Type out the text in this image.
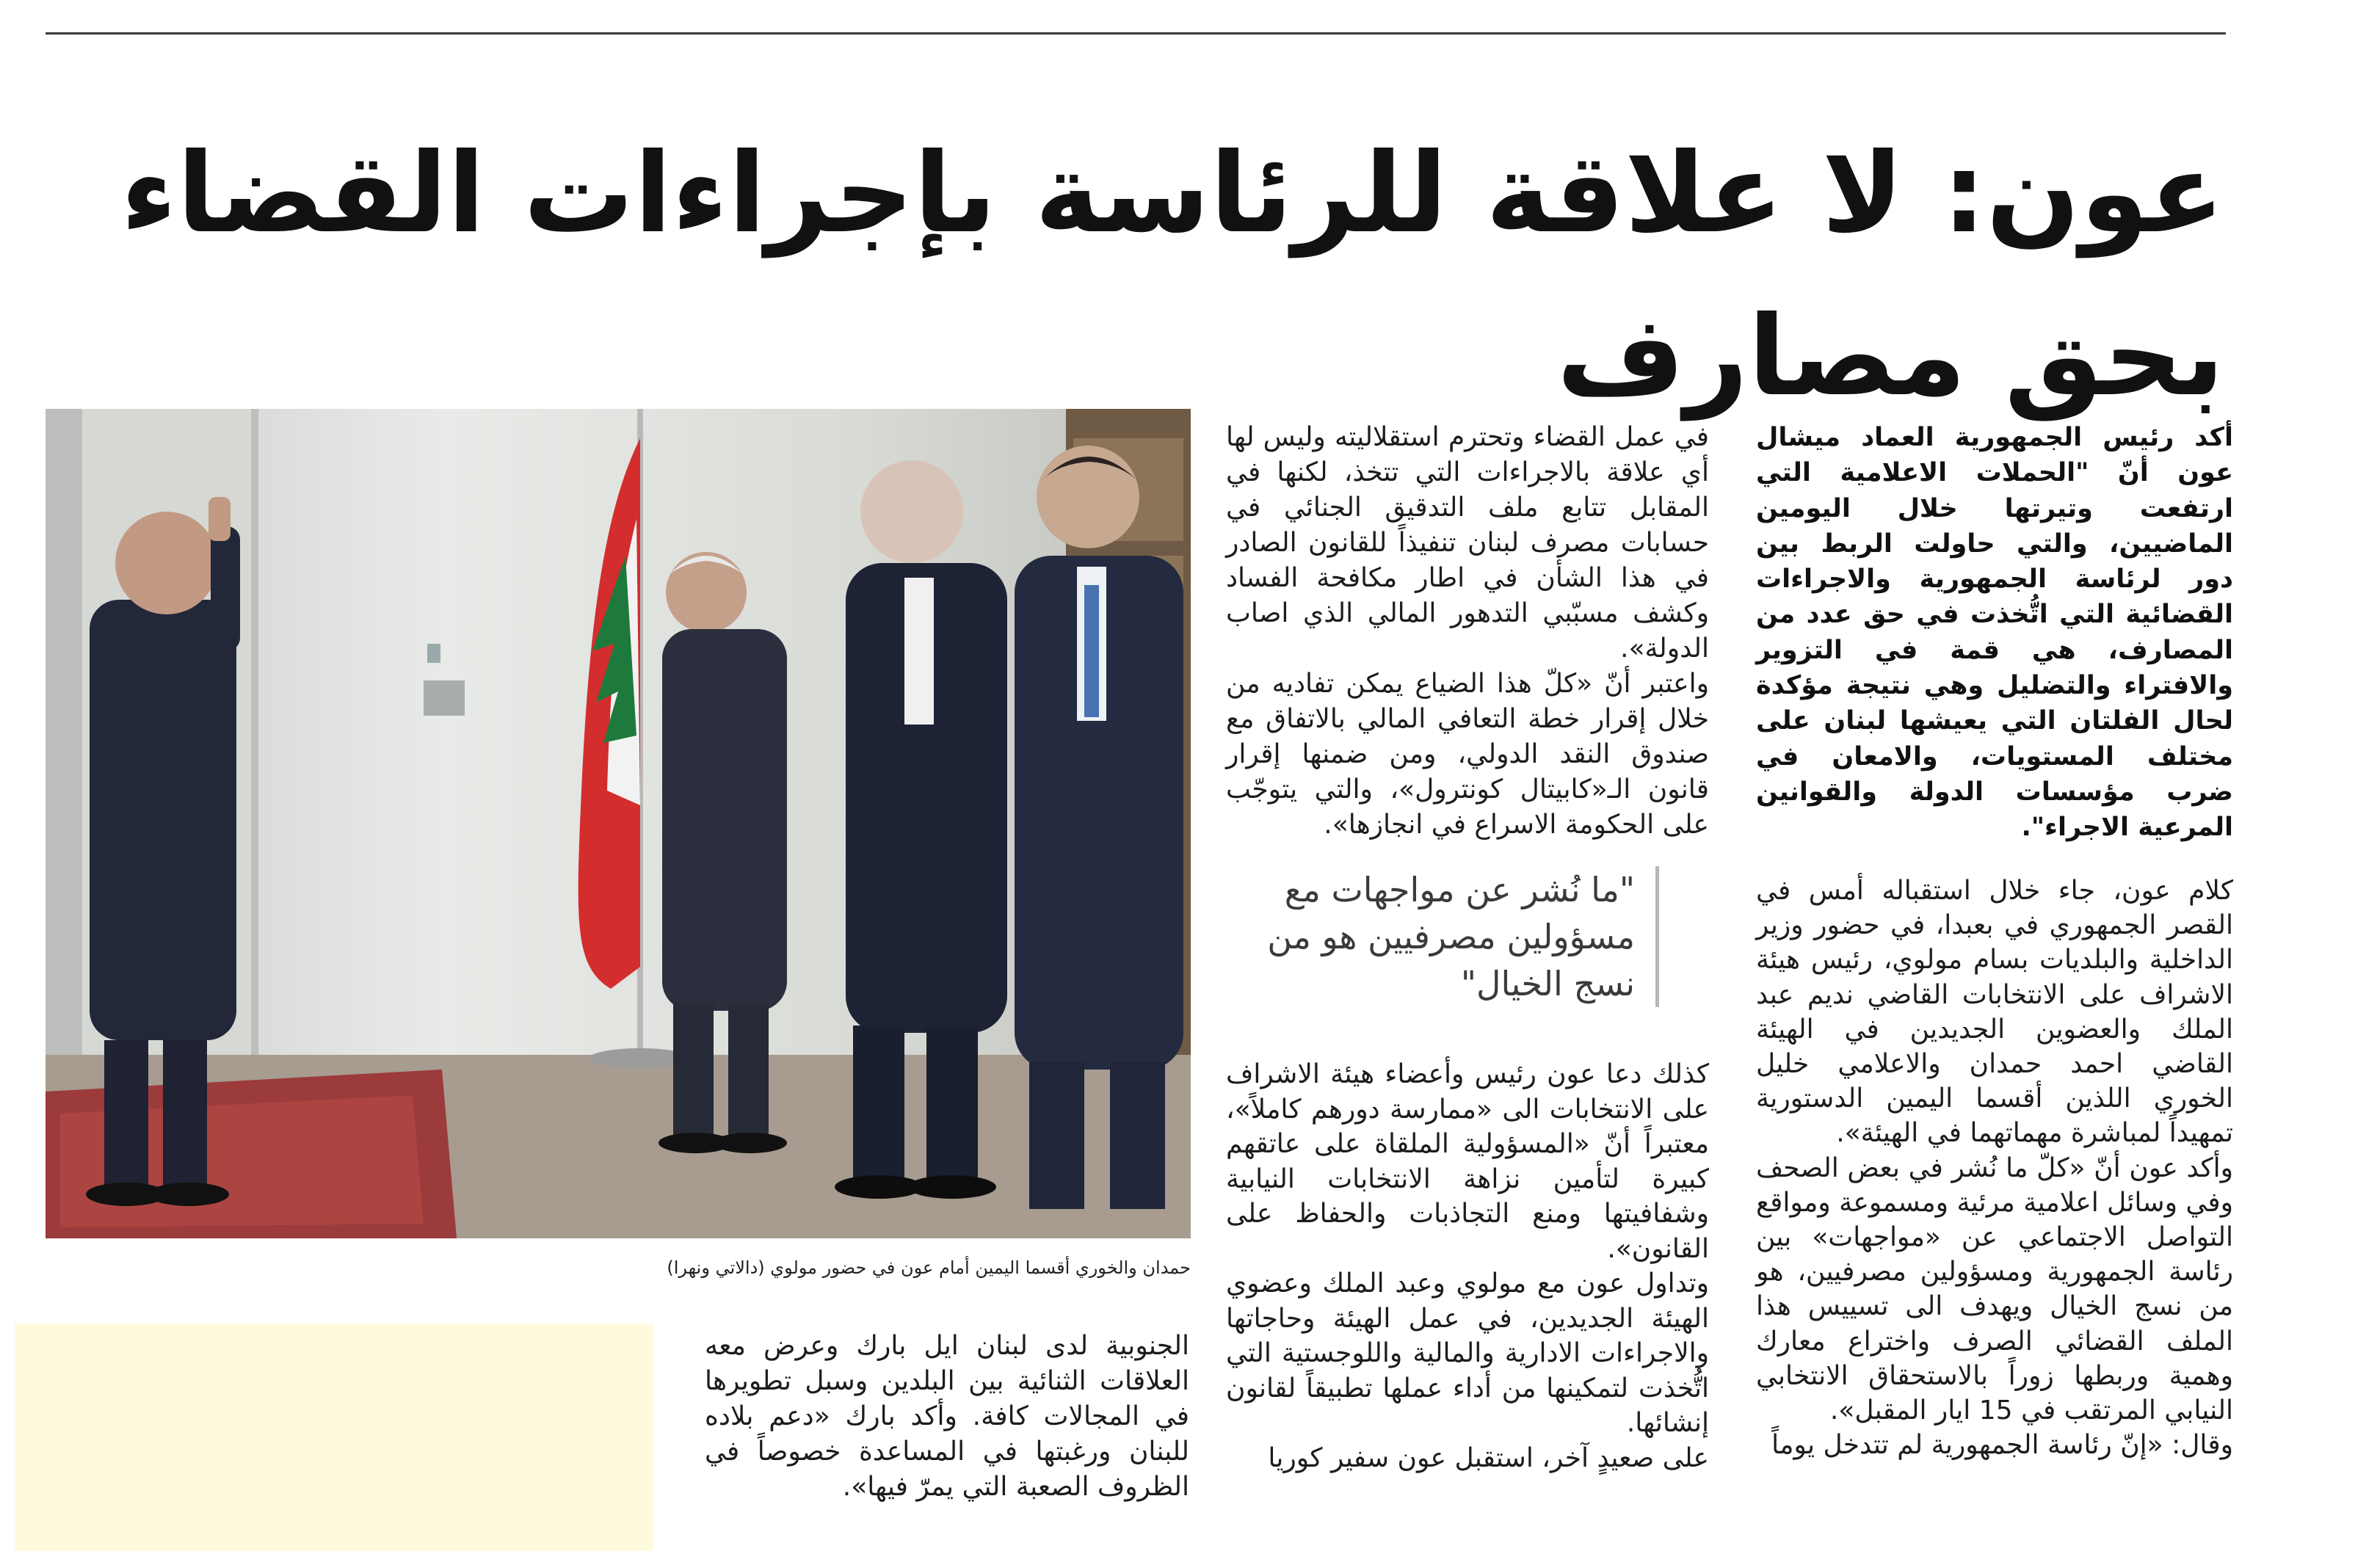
عون: لا علاقة للرئاسة بإجراءات القضاء
بحق مصارف

أكد رئيس الجمهورية العماد ميشال عون أنّ "الحملات الاعلامية التي ارتفعت وتيرتها خلال اليومين الماضيين، والتي حاولت الربط بين دور لرئاسة الجمهورية والاجراءات القضائية التي اتُّخذت في حق عدد من المصارف، هي قمة في التزوير والافتراء والتضليل وهي نتيجة مؤكدة لحال الفلتان التي يعيشها لبنان على مختلف المستويات، والامعان في ضرب مؤسسات الدولة والقوانين المرعية الاجراء".

كلام عون، جاء خلال استقباله أمس في القصر الجمهوري في بعبدا، في حضور وزير الداخلية والبلديات بسام مولوي، رئيس هيئة الاشراف على الانتخابات القاضي نديم عبد الملك والعضوين الجديدين في الهيئة القاضي احمد حمدان والاعلامي خليل الخوري اللذين أقسما اليمين الدستورية تمهيداً لمباشرة مهماتهما في الهيئة».

وأكد عون أنّ «كلّ ما نُشر في بعض الصحف وفي وسائل اعلامية مرئية ومسموعة ومواقع التواصل الاجتماعي عن «مواجهات» بين رئاسة الجمهورية ومسؤولين مصرفيين، هو من نسج الخيال ويهدف الى تسييس هذا الملف القضائي الصرف واختراع معارك وهمية وربطها زوراً بالاستحقاق الانتخابي النيابي المرتقب في 15 ايار المقبل».

وقال: «إنّ رئاسة الجمهورية لم تتدخل يوماً

في عمل القضاء وتحترم استقلاليته وليس لها أي علاقة بالاجراءات التي تتخذ، لكنها في المقابل تتابع ملف التدقيق الجنائي في حسابات مصرف لبنان تنفيذاً للقانون الصادر في هذا الشأن في اطار مكافحة الفساد وكشف مسبّبي التدهور المالي الذي اصاب الدولة».

واعتبر أنّ «كلّ هذا الضياع يمكن تفاديه من خلال إقرار خطة التعافي المالي بالاتفاق مع صندوق النقد الدولي، ومن ضمنها إقرار قانون الـ«كابيتال كونترول»، والتي يتوجّب على الحكومة الاسراع في انجازها».

"ما نُشر عن مواجهات مع مسؤولين مصرفيين هو من نسج الخيال"

كذلك دعا عون رئيس وأعضاء هيئة الاشراف على الانتخابات الى «ممارسة دورهم كاملاً»، معتبراً أنّ «المسؤولية الملقاة على عاتقهم كبيرة لتأمين نزاهة الانتخابات النيابية وشفافيتها ومنع التجاذبات والحفاظ على القانون».

وتداول عون مع مولوي وعبد الملك وعضوي الهيئة الجديدين، في عمل الهيئة وحاجاتها والاجراءات الادارية والمالية واللوجستية التي اتُّخذت لتمكينها من أداء عملها تطبيقاً لقانون إنشائها.

على صعيدٍ آخر، استقبل عون سفير كوريا

حمدان والخوري أقسما اليمين أمام عون في حضور مولوي (دالاتي ونهرا)

الجنوبية لدى لبنان ايل بارك وعرض معه العلاقات الثنائية بين البلدين وسبل تطويرها في المجالات كافة. وأكد بارك «دعم بلاده للبنان ورغبتها في المساعدة خصوصاً في الظروف الصعبة التي يمرّ فيها».
